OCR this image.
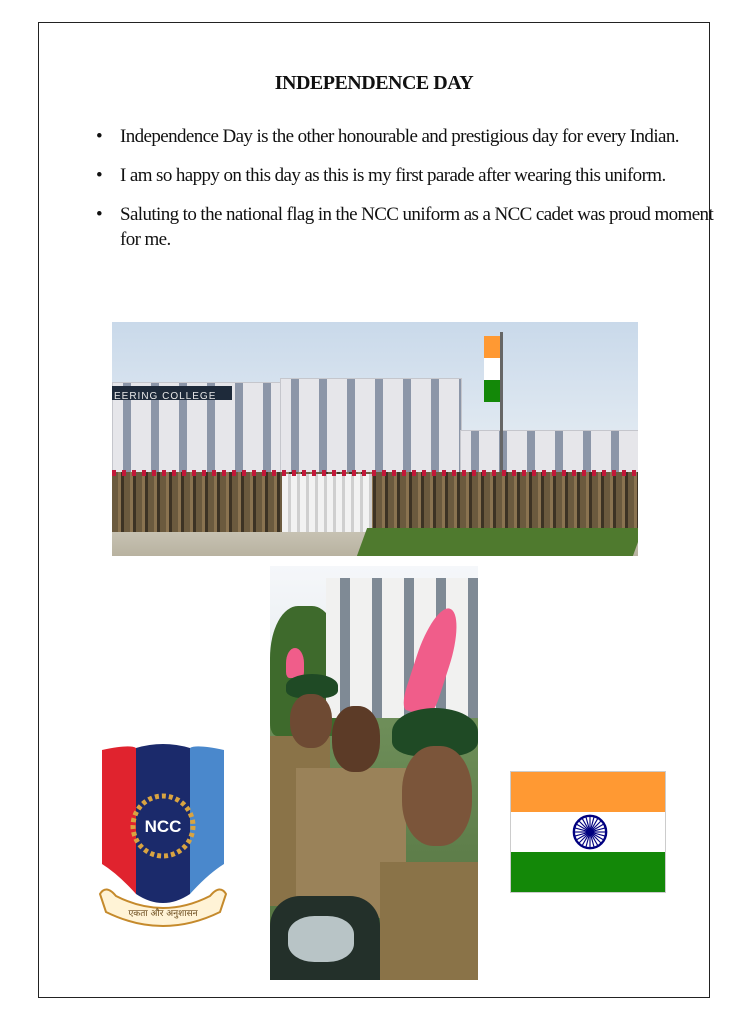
INDEPENDENCE DAY
• Independence Day is the other honourable and prestigious day for every Indian.
• I am so happy on this day as this is my first parade after wearing this uniform.
• Saluting to the national flag in the NCC uniform as a NCC cadet was proud moment for me.
EERING COLLEGE
NCC
एकता और अनुशासन
